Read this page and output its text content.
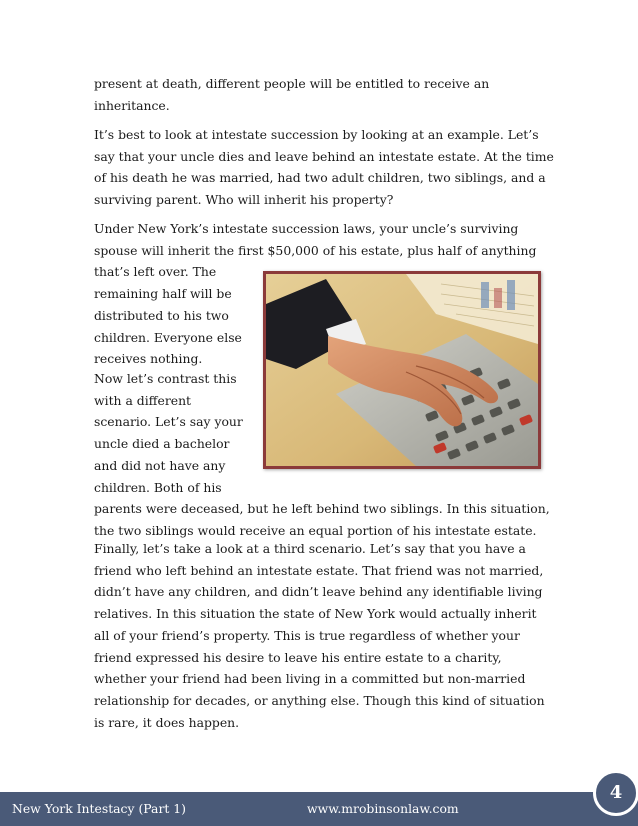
present at death, different people will be entitled to receive an
inheritance.
It’s best to look at intestate succession by looking at an example. Let’s
say that your uncle dies and leave behind an intestate estate. At the time
of his death he was married, had two adult children, two siblings, and a
surviving parent. Who will inherit his property?
Under New York’s intestate succession laws, your uncle’s surviving
spouse will inherit the first $50,000 of his estate, plus half of anything
that’s left over. The
remaining half will be
distributed to his two
children. Everyone else
receives nothing.
Now let’s contrast this
with a different
scenario. Let’s say your
uncle died a bachelor
and did not have any
children. Both of his
parents were deceased, but he left behind two siblings. In this situation,
the two siblings would receive an equal portion of his intestate estate.
Finally, let’s take a look at a third scenario. Let’s say that you have a
friend who left behind an intestate estate. That friend was not married,
didn’t have any children, and didn’t leave behind any identifiable living
relatives. In this situation the state of New York would actually inherit
all of your friend’s property. This is true regardless of whether your
friend expressed his desire to leave his entire estate to a charity,
whether your friend had been living in a committed but non-married
relationship for decades, or anything else. Though this kind of situation
is rare, it does happen.
New York Intestacy (Part 1)	www.mrobinsonlaw.com
4
